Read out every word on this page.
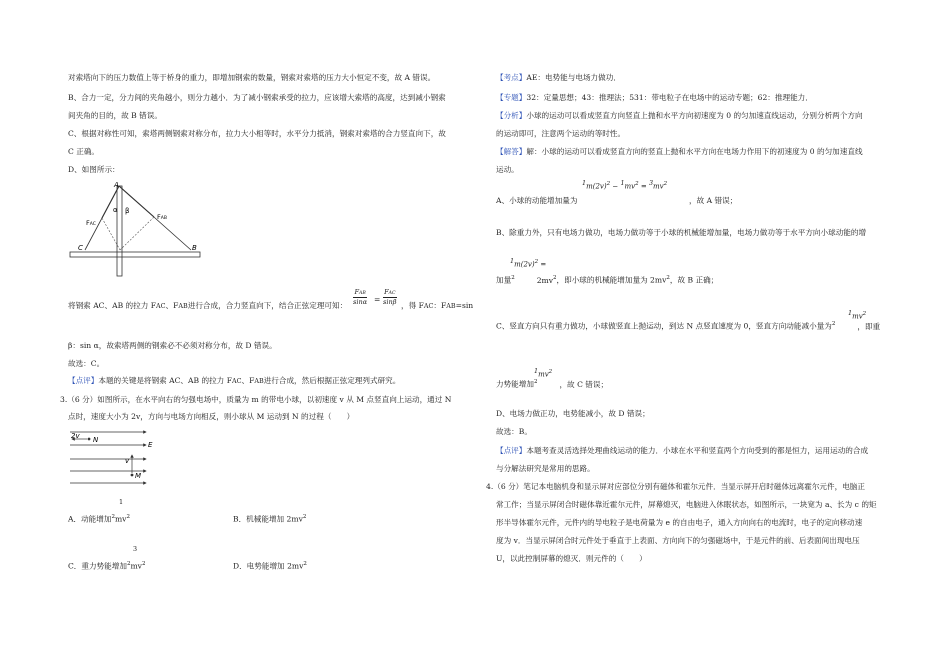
对索塔向下的压力数值上等于桥身的重力，即增加钢索的数量，钢索对索塔的压力大小恒定不变，故 A 错误。
B、合力一定，分力间的夹角越小，则分力越小．为了减小钢索承受的拉力，应该增大索塔的高度，达到减小钢索
间夹角的目的，故 B 错误。
C、根据对称性可知，索塔两侧钢索对称分布，拉力大小相等时，水平分力抵消，钢索对索塔的合力竖直向下，故
C 正确。
D、如图所示：
A
B
C
α β
FAC
FAB
将钢索 AC、AB 的拉力 FAC、FAB进行合成，合力竖直向下，结合正弦定理可知：
FAB
sinα =
FAC
sinβ ，得 FAC：FAB=sin
β：sin α，故索塔两侧的钢索必不必须对称分布，故 D 错误。
故选：C。
【点评】本题的关键是将钢索 AC、AB 的拉力 FAC、FAB进行合成，然后根据正弦定理列式研究。
3.（6 分）如图所示，在水平向右的匀强电场中，质量为 m 的带电小球，以初速度 v 从 M 点竖直向上运动，通过 N
点时，速度大小为 2v，方向与电场方向相反，则小球从 M 运动到 N 的过程（　　）
2v N
E
v
M
1
A．动能增加$^2mv^2$	B．机械能增加 $2mv^2$
3
C．重力势能增加$^2mv^2$	D．电势能增加 $2mv^2$
【考点】AE：电势能与电场力做功．
【专题】32：定量思想；43：推理法；531：带电粒子在电场中的运动专题；62：推理能力．
【分析】小球的运动可以看成竖直方向竖直上抛和水平方向初速度为 0 的匀加速直线运动，分别分析两个方向
的运动即可，注意两个运动的等时性。
【解答】解：小球的运动可以看成竖直方向的竖直上抛和水平方向在电场力作用下的初速度为 0 的匀加速直线
运动。
A、小球的动能增加量为
$1m(2v)^2 - 1mv^2 = 3mv^2$
，故 A 错误；
B、除重力外，只有电场力做功，电场力做功等于小球的机械能增加量，电场力做功等于水平方向小球动能的增
$1m(2v)^2$ =
加量$^2$	$2mv^2$，即小球的机械能增加量为 $2mv^2$，故 B 正确；
$1mv^2$
C、竖直方向只有重力做功，小球做竖直上抛运动，到达 N 点竖直速度为 0，竖直方向动能减小量为$^2$	，即重
$1mv^2$
力势能增加$^2$	，故 C 错误；
D、电场力做正功，电势能减小，故 D 错误；
故选：B。
【点评】本题考查灵活选择处理曲线运动的能力．小球在水平和竖直两个方向受到的都是恒力，运用运动的合成
与分解法研究是常用的思路。
4.（6 分）笔记本电脑机身和显示屏对应部位分别有磁体和霍尔元件．当显示屏开启时磁体远离霍尔元件，电脑正
常工作；当显示屏闭合时磁体靠近霍尔元件，屏幕熄灭，电脑进入休眠状态，如图所示，一块宽为 a、长为 c 的矩
形半导体霍尔元件，元件内的导电粒子是电荷量为 e 的自由电子，通入方向向右的电流时，电子的定向移动速
度为 v．当显示屏闭合时元件处于垂直于上表面、方向向下的匀强磁场中，于是元件的前、后表面间出现电压
U，以此控制屏幕的熄灭．则元件的（　　）
